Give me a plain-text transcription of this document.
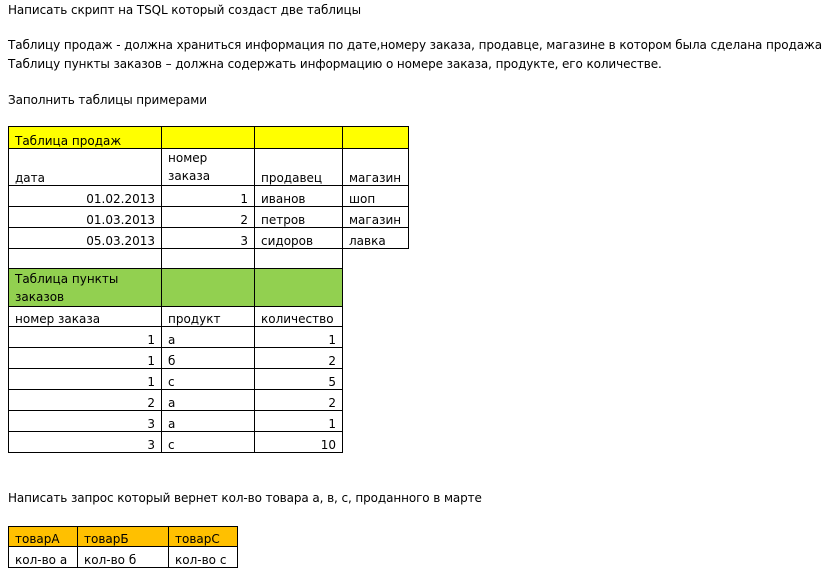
Написать скрипт на TSQL который создаст две таблицы
Таблицу продаж - должна храниться информация по дате,номеру заказа, продавце, магазине в котором была сделана продажа
Таблицу пункты заказов – должна содержать информацию о номере заказа, продукте, его количестве.
Заполнить таблицы примерами
Таблица продаж			
дата	номер заказа	продавец	магазин
01.02.2013	1	иванов	шоп
01.03.2013	2	петров	магазин
05.03.2013	3	сидоров	лавка

Таблица пункты заказов		
номер заказа	продукт	количество
1	а	1
1	б	2
1	с	5
2	а	2
3	а	1
3	с	10
Написать запрос который вернет кол-во товара а, в, с, проданного в марте
товарА	товарБ	товарС
кол-во а	кол-во б	кол-во с
